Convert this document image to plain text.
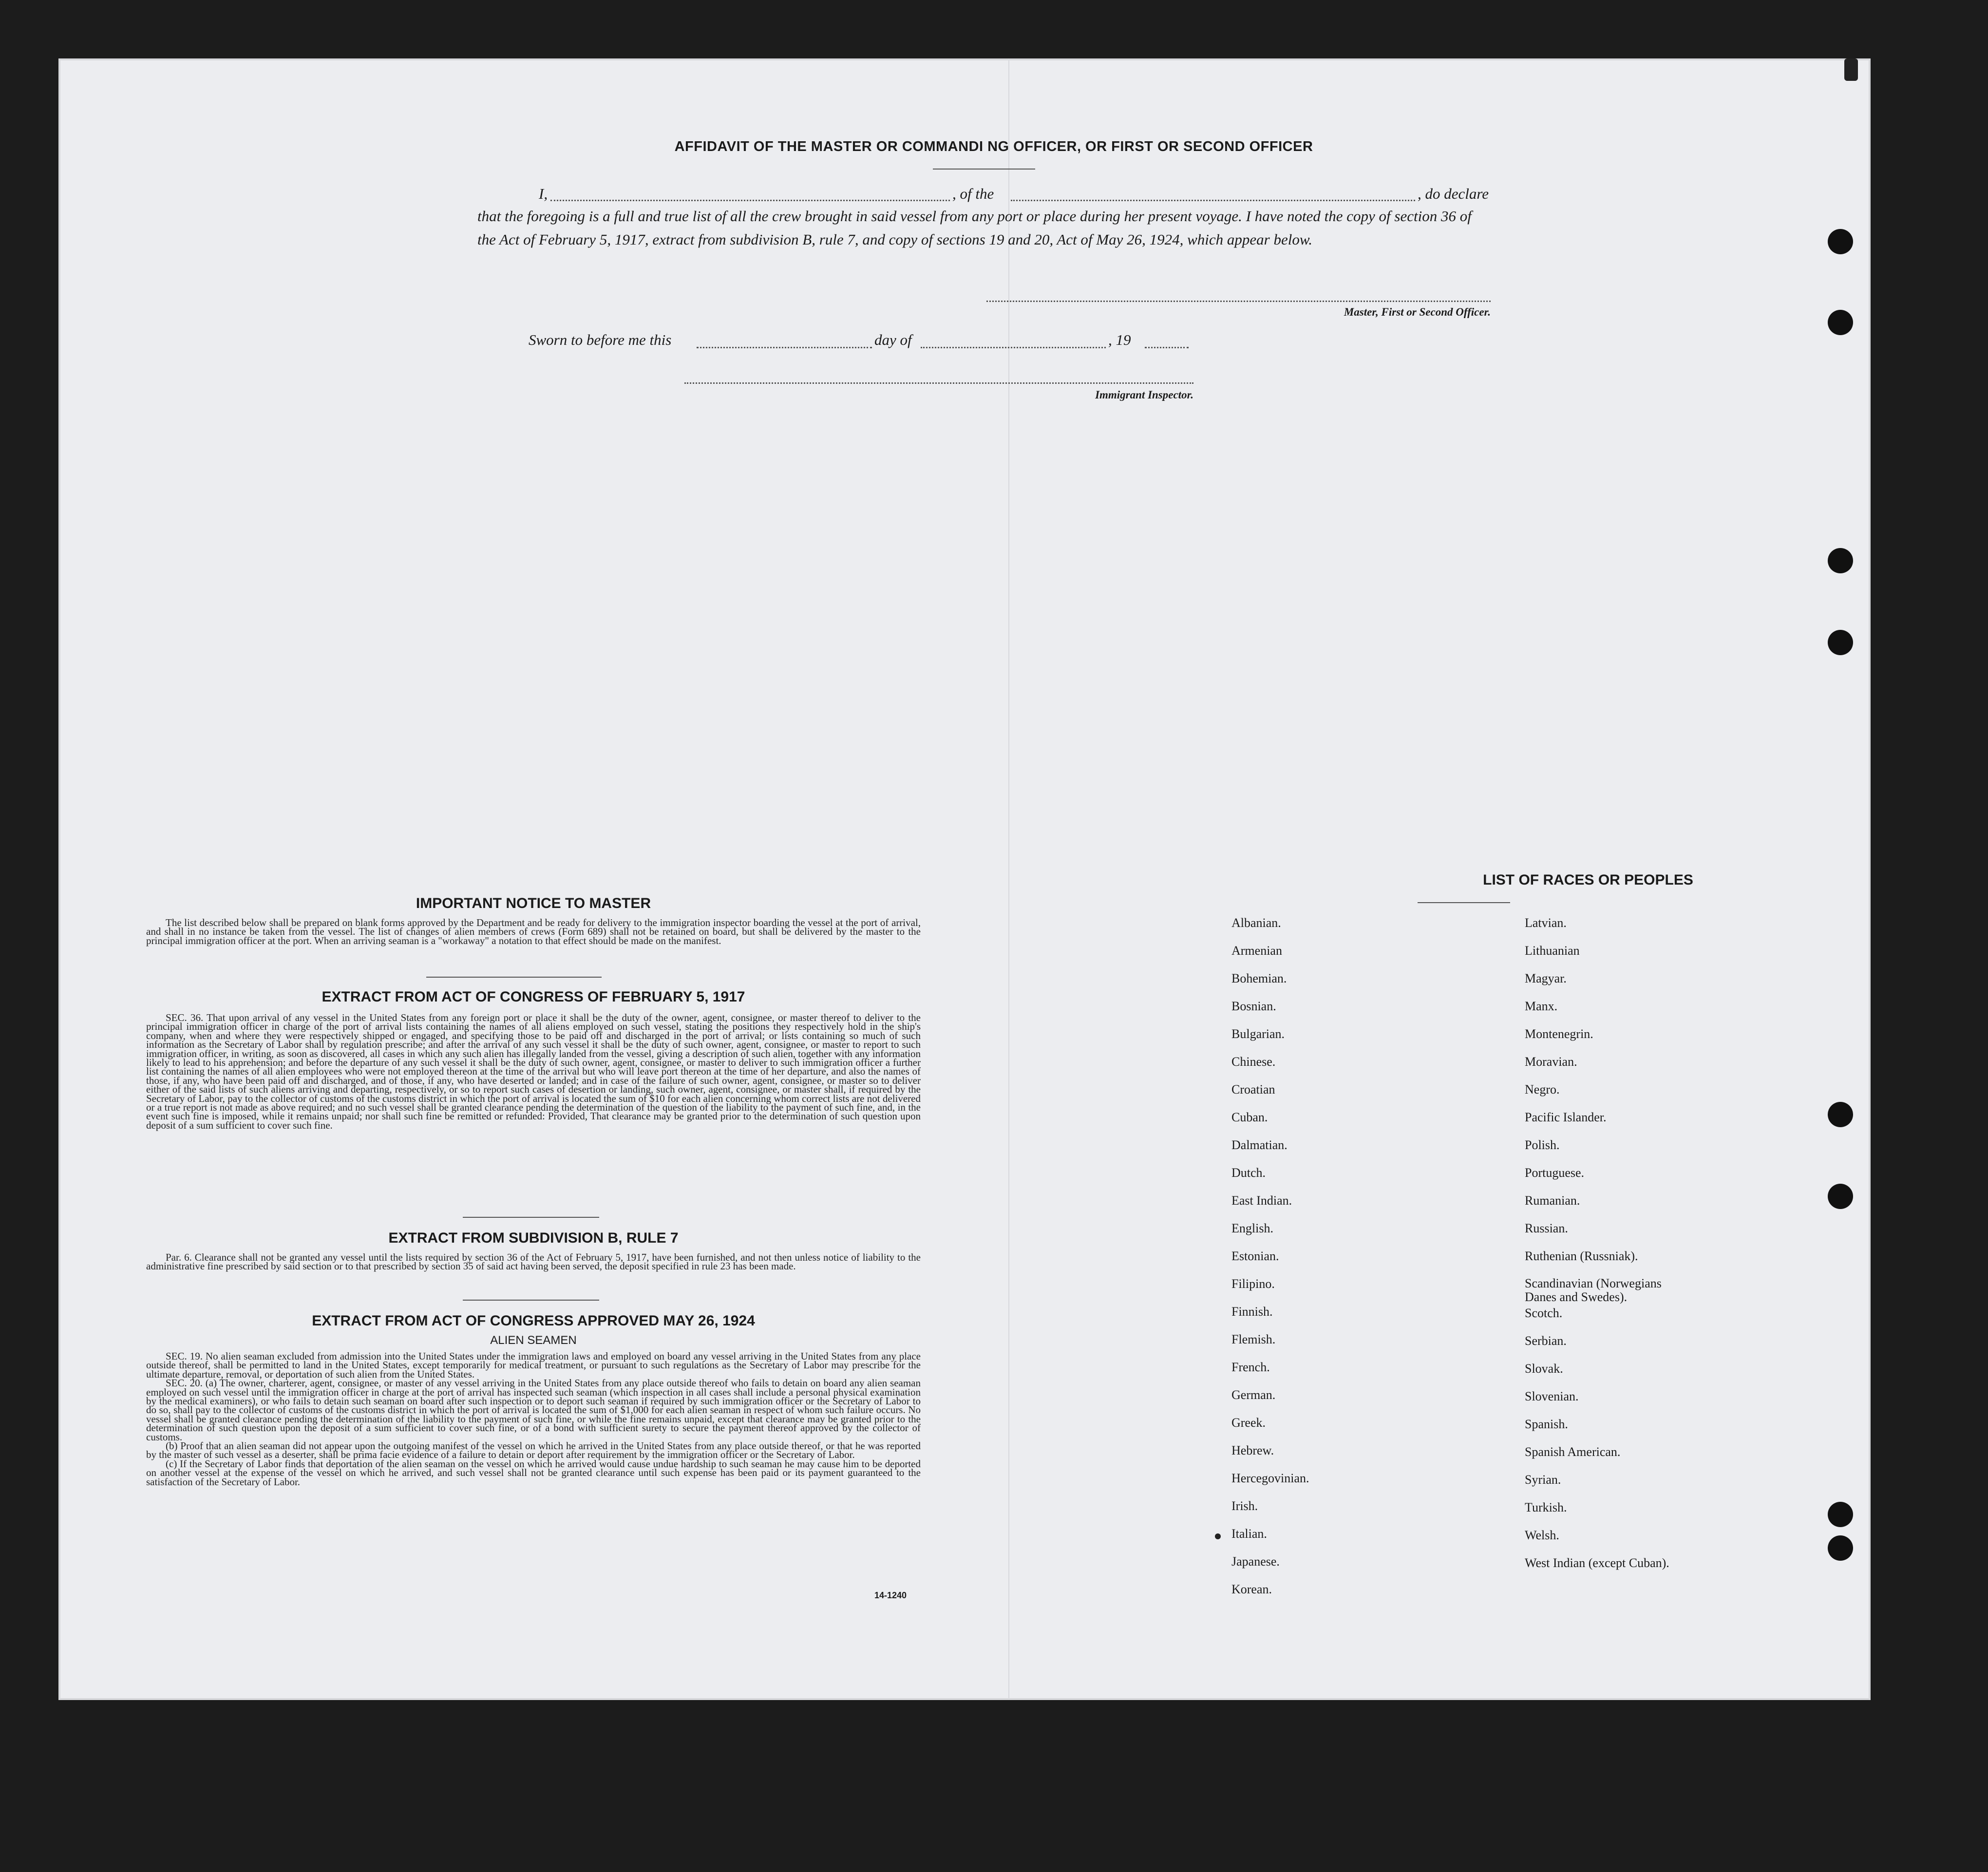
AFFIDAVIT OF THE MASTER OR COMMANDI NG OFFICER, OR FIRST OR SECOND OFFICER
I,	, of the	, do declare
that the foregoing is a full and true list of all the crew brought in said vessel from any port or place during her present voyage. I have noted the copy of section 36 of the Act of February 5, 1917, extract from subdivision B, rule 7, and copy of sections 19 and 20, Act of May 26, 1924, which appear below.
Master, First or Second Officer.
Sworn to before me this	day of	, 19
Immigrant Inspector.
IMPORTANT NOTICE TO MASTER

The list described below shall be prepared on blank forms approved by the Department and be ready for delivery to the immigration inspector boarding the vessel at the port of arrival, and shall in no instance be taken from the vessel. The list of changes of alien members of crews (Form 689) shall not be retained on board, but shall be delivered by the master to the principal immigration officer at the port. When an arriving seaman is a "workaway" a notation to that effect should be made on the manifest.

EXTRACT FROM ACT OF CONGRESS OF FEBRUARY 5, 1917

SEC. 36. That upon arrival of any vessel in the United States from any foreign port or place it shall be the duty of the owner, agent, consignee, or master thereof to deliver to the principal immigration officer in charge of the port of arrival lists containing the names of all aliens employed on such vessel, stating the positions they respectively hold in the ship's company, when and where they were respectively shipped or engaged, and specifying those to be paid off and discharged in the port of arrival; or lists containing so much of such information as the Secretary of Labor shall by regulation prescribe; and after the arrival of any such vessel it shall be the duty of such owner, agent, consignee, or master to report to such immigration officer, in writing, as soon as discovered, all cases in which any such alien has illegally landed from the vessel, giving a description of such alien, together with any information likely to lead to his apprehension; and before the departure of any such vessel it shall be the duty of such owner, agent, consignee, or master to deliver to such immigration officer a further list containing the names of all alien employees who were not employed thereon at the time of the arrival but who will leave port thereon at the time of her departure, and also the names of those, if any, who have been paid off and discharged, and of those, if any, who have deserted or landed; and in case of the failure of such owner, agent, consignee, or master so to deliver either of the said lists of such aliens arriving and departing, respectively, or so to report such cases of desertion or landing, such owner, agent, consignee, or master shall, if required by the Secretary of Labor, pay to the collector of customs of the customs district in which the port of arrival is located the sum of $10 for each alien concerning whom correct lists are not delivered or a true report is not made as above required; and no such vessel shall be granted clearance pending the determination of the question of the liability to the payment of such fine, and, in the event such fine is imposed, while it remains unpaid; nor shall such fine be remitted or refunded: Provided, That clearance may be granted prior to the determination of such question upon deposit of a sum sufficient to cover such fine.

EXTRACT FROM SUBDIVISION B, RULE 7

Par. 6. Clearance shall not be granted any vessel until the lists required by section 36 of the Act of February 5, 1917, have been furnished, and not then unless notice of liability to the administrative fine prescribed by said section or to that prescribed by section 35 of said act having been served, the deposit specified in rule 23 has been made.

EXTRACT FROM ACT OF CONGRESS APPROVED MAY 26, 1924
ALIEN SEAMEN

SEC. 19. No alien seaman excluded from admission into the United States under the immigration laws and employed on board any vessel arriving in the United States from any place outside thereof, shall be permitted to land in the United States, except temporarily for medical treatment, or pursuant to such regulations as the Secretary of Labor may prescribe for the ultimate departure, removal, or deportation of such alien from the United States.

SEC. 20. (a) The owner, charterer, agent, consignee, or master of any vessel arriving in the United States from any place outside thereof who fails to detain on board any alien seaman employed on such vessel until the immigration officer in charge at the port of arrival has inspected such seaman (which inspection in all cases shall include a personal physical examination by the medical examiners), or who fails to detain such seaman on board after such inspection or to deport such seaman if required by such immigration officer or the Secretary of Labor to do so, shall pay to the collector of customs of the customs district in which the port of arrival is located the sum of $1,000 for each alien seaman in respect of whom such failure occurs. No vessel shall be granted clearance pending the determination of the liability to the payment of such fine, or while the fine remains unpaid, except that clearance may be granted prior to the determination of such question upon the deposit of a sum sufficient to cover such fine, or of a bond with sufficient surety to secure the payment thereof approved by the collector of customs.

(b) Proof that an alien seaman did not appear upon the outgoing manifest of the vessel on which he arrived in the United States from any place outside thereof, or that he was reported by the master of such vessel as a deserter, shall be prima facie evidence of a failure to detain or deport after requirement by the immigration officer or the Secretary of Labor.

(c) If the Secretary of Labor finds that deportation of the alien seaman on the vessel on which he arrived would cause undue hardship to such seaman he may cause him to be deported on another vessel at the expense of the vessel on which he arrived, and such vessel shall not be granted clearance until such expense has been paid or its payment guaranteed to the satisfaction of the Secretary of Labor.

14-1240
LIST OF RACES OR PEOPLES
Albanian.
Armenian
Bohemian.
Bosnian.
Bulgarian.
Chinese.
Croatian
Cuban.
Dalmatian.
Dutch.
East Indian.
English.
Estonian.
Filipino.
Finnish.
Flemish.
French.
German.
Greek.
Hebrew.
Hercegovinian.
Irish.
Italian.
Japanese.
Korean.
Latvian.
Lithuanian
Magyar.
Manx.
Montenegrin.
Moravian.
Negro.
Pacific Islander.
Polish.
Portuguese.
Rumanian.
Russian.
Ruthenian (Russniak).
Scandinavian (Norwegians Danes and Swedes).
Scotch.
Serbian.
Slovak.
Slovenian.
Spanish.
Spanish American.
Syrian.
Turkish.
Welsh.
West Indian (except Cuban).
